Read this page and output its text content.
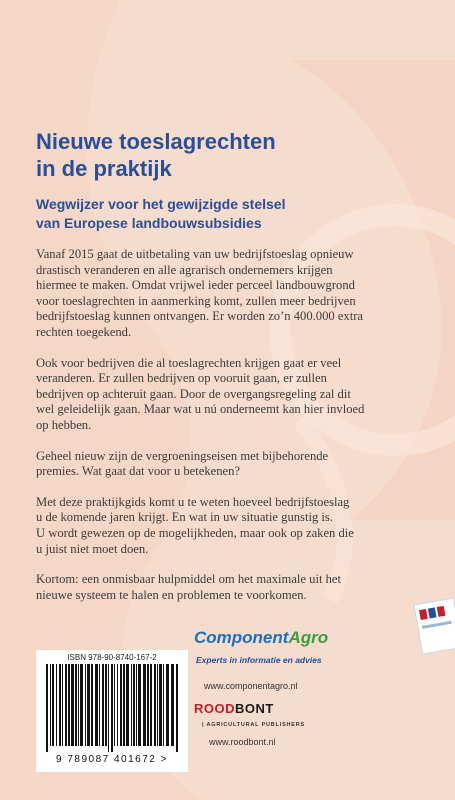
Nieuwe toeslagrechten
in de praktijk
Wegwijzer voor het gewijzigde stelsel
van Europese landbouwsubsidies

Vanaf 2015 gaat de uitbetaling van uw bedrijfstoeslag opnieuw
drastisch veranderen en alle agrarisch ondernemers krijgen
hiermee te maken. Omdat vrijwel ieder perceel landbouwgrond
voor toeslagrechten in aanmerking komt, zullen meer bedrijven
bedrijfstoeslag kunnen ontvangen. Er worden zo’n 400.000 extra
rechten toegekend.

Ook voor bedrijven die al toeslagrechten krijgen gaat er veel
veranderen. Er zullen bedrijven op vooruit gaan, er zullen
bedrijven op achteruit gaan. Door de overgangsregeling zal dit
wel geleidelijk gaan. Maar wat u nú onderneemt kan hier invloed
op hebben.

Geheel nieuw zijn de vergroeningseisen met bijbehorende
premies. Wat gaat dat voor u betekenen?

Met deze praktijkgids komt u te weten hoeveel bedrijfstoeslag
u de komende jaren krijgt. En wat in uw situatie gunstig is.
U wordt gewezen op de mogelijkheden, maar ook op zaken die
u juist niet moet doen.

Kortom: een onmisbaar hulpmiddel om het maximale uit het
nieuwe systeem te halen en problemen te voorkomen.

ISBN 978-90-8740-167-2
9 789087 401672 >
ComponentAgro
Experts in informatie en advies
www.componentagro.nl
ROODBONT
| AGRICULTURAL PUBLISHERS
www.roodbont.nl
